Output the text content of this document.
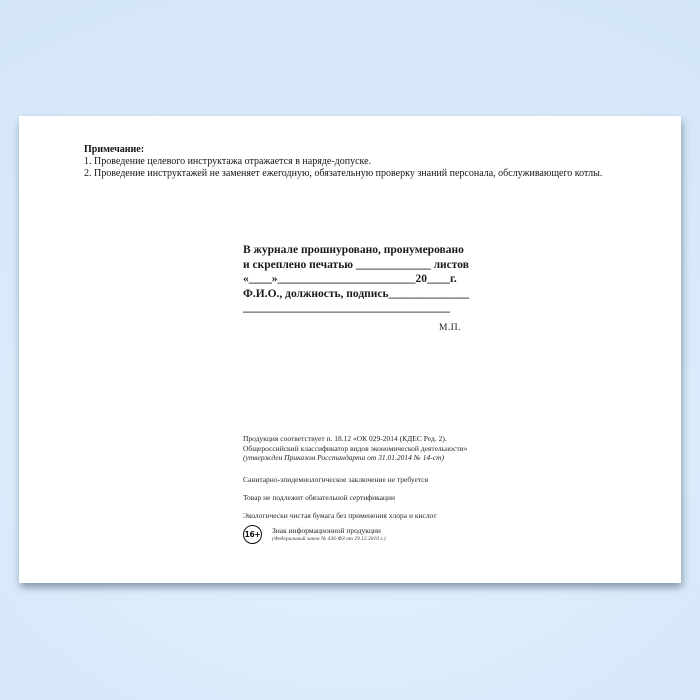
Примечание:
1. Проведение целевого инструктажа отражается в наряде-допуске.
2. Проведение инструктажей не заменяет ежегодную, обязательную проверку знаний персонала, обслуживающего котлы.
В журнале прошнуровано, пронумеровано
и скреплено печатью _____________ листов
«____»________________________20____г.
Ф.И.О., должность, подпись______________
____________________________________
М.П.
Продукция соответствует п. 18.12 «ОК 029-2014 (КДЕС Ред. 2).
Общероссийский классификатор видов экономической деятельности»
(утвержден Приказом Росстандарта от 31.01.2014 № 14-ст)
Санитарно-эпидемиологическое заключение не требуется
Товар не подлежит обязательной сертификации
Экологически чистая бумага без применения хлора и кислот
16+ Знак информационной продукции
(Федеральный закон № 436-ФЗ от 29.12.2010 г.)
